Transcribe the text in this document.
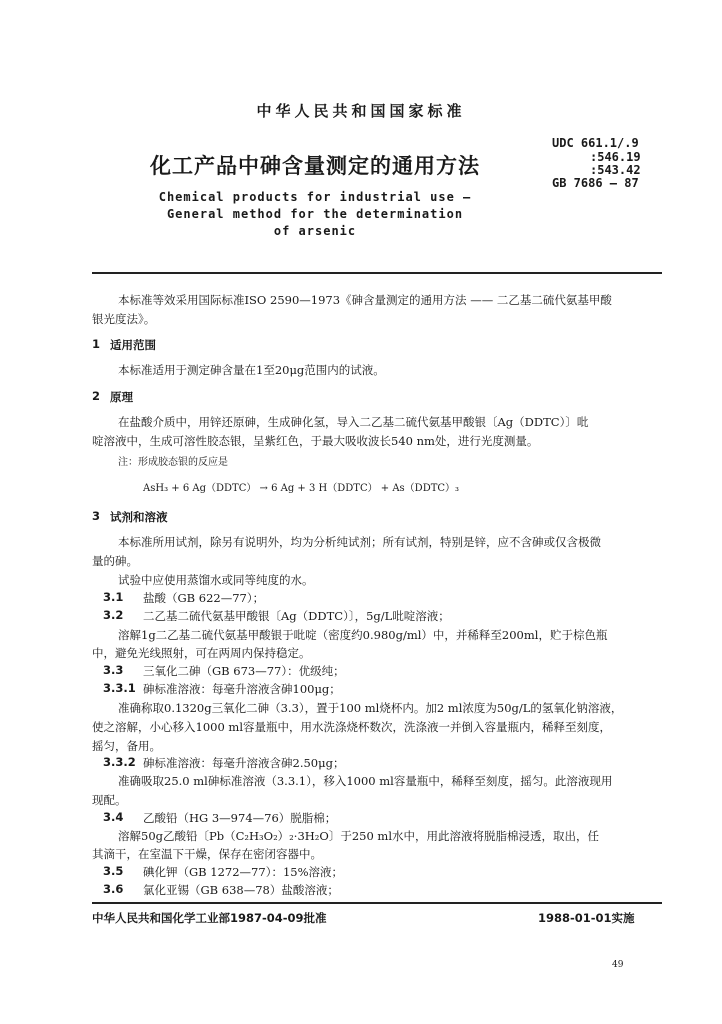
中华人民共和国国家标准
化工产品中砷含量测定的通用方法
UDC 661.1/.9
:546.19
:543.42
GB 7686 — 87
Chemical products for industrial use —
General method for the determination
of arsenic
本标准等效采用国际标准ISO 2590—1973《砷含量测定的通用方法 —— 二乙基二硫代氨基甲酸
银光度法》。
1 适用范围
本标准适用于测定砷含量在1至20μg范围内的试液。
2 原理
在盐酸介质中，用锌还原砷，生成砷化氢，导入二乙基二硫代氨基甲酸银〔Ag（DDTC）〕吡
啶溶液中，生成可溶性胶态银，呈紫红色，于最大吸收波长540 nm处，进行光度测量。
注：形成胶态银的反应是
AsH₃ + 6 Ag（DDTC） → 6 Ag + 3 H（DDTC） + As（DDTC）₃
3 试剂和溶液
本标准所用试剂，除另有说明外，均为分析纯试剂；所有试剂，特别是锌，应不含砷或仅含极微
量的砷。
试验中应使用蒸馏水或同等纯度的水。
3.1 盐酸（GB 622—77）；
3.2 二乙基二硫代氨基甲酸银〔Ag（DDTC）〕，5g/L吡啶溶液；
溶解1g二乙基二硫代氨基甲酸银于吡啶（密度约0.980g/ml）中，并稀释至200ml，贮于棕色瓶
中，避免光线照射，可在两周内保持稳定。
3.3 三氧化二砷（GB 673—77）：优级纯；
3.3.1 砷标准溶液：每毫升溶液含砷100μg；
准确称取0.1320g三氧化二砷（3.3），置于100 ml烧杯内。加2 ml浓度为50g/L的氢氧化钠溶液，
使之溶解，小心移入1000 ml容量瓶中，用水洗涤烧杯数次，洗涤液一并倒入容量瓶内，稀释至刻度，
摇匀，备用。
3.3.2 砷标准溶液：每毫升溶液含砷2.50μg；
准确吸取25.0 ml砷标准溶液（3.3.1），移入1000 ml容量瓶中，稀释至刻度，摇匀。此溶液现用
现配。
3.4 乙酸铅（HG 3—974—76）脱脂棉；
溶解50g乙酸铅〔Pb（C₂H₃O₂）₂·3H₂O〕于250 ml水中，用此溶液将脱脂棉浸透，取出，任
其滴干，在室温下干燥，保存在密闭容器中。
3.5 碘化钾（GB 1272—77）：15%溶液；
3.6 氯化亚锡（GB 638—78）盐酸溶液；
中华人民共和国化学工业部1987-04-09批准	1988-01-01实施
49
